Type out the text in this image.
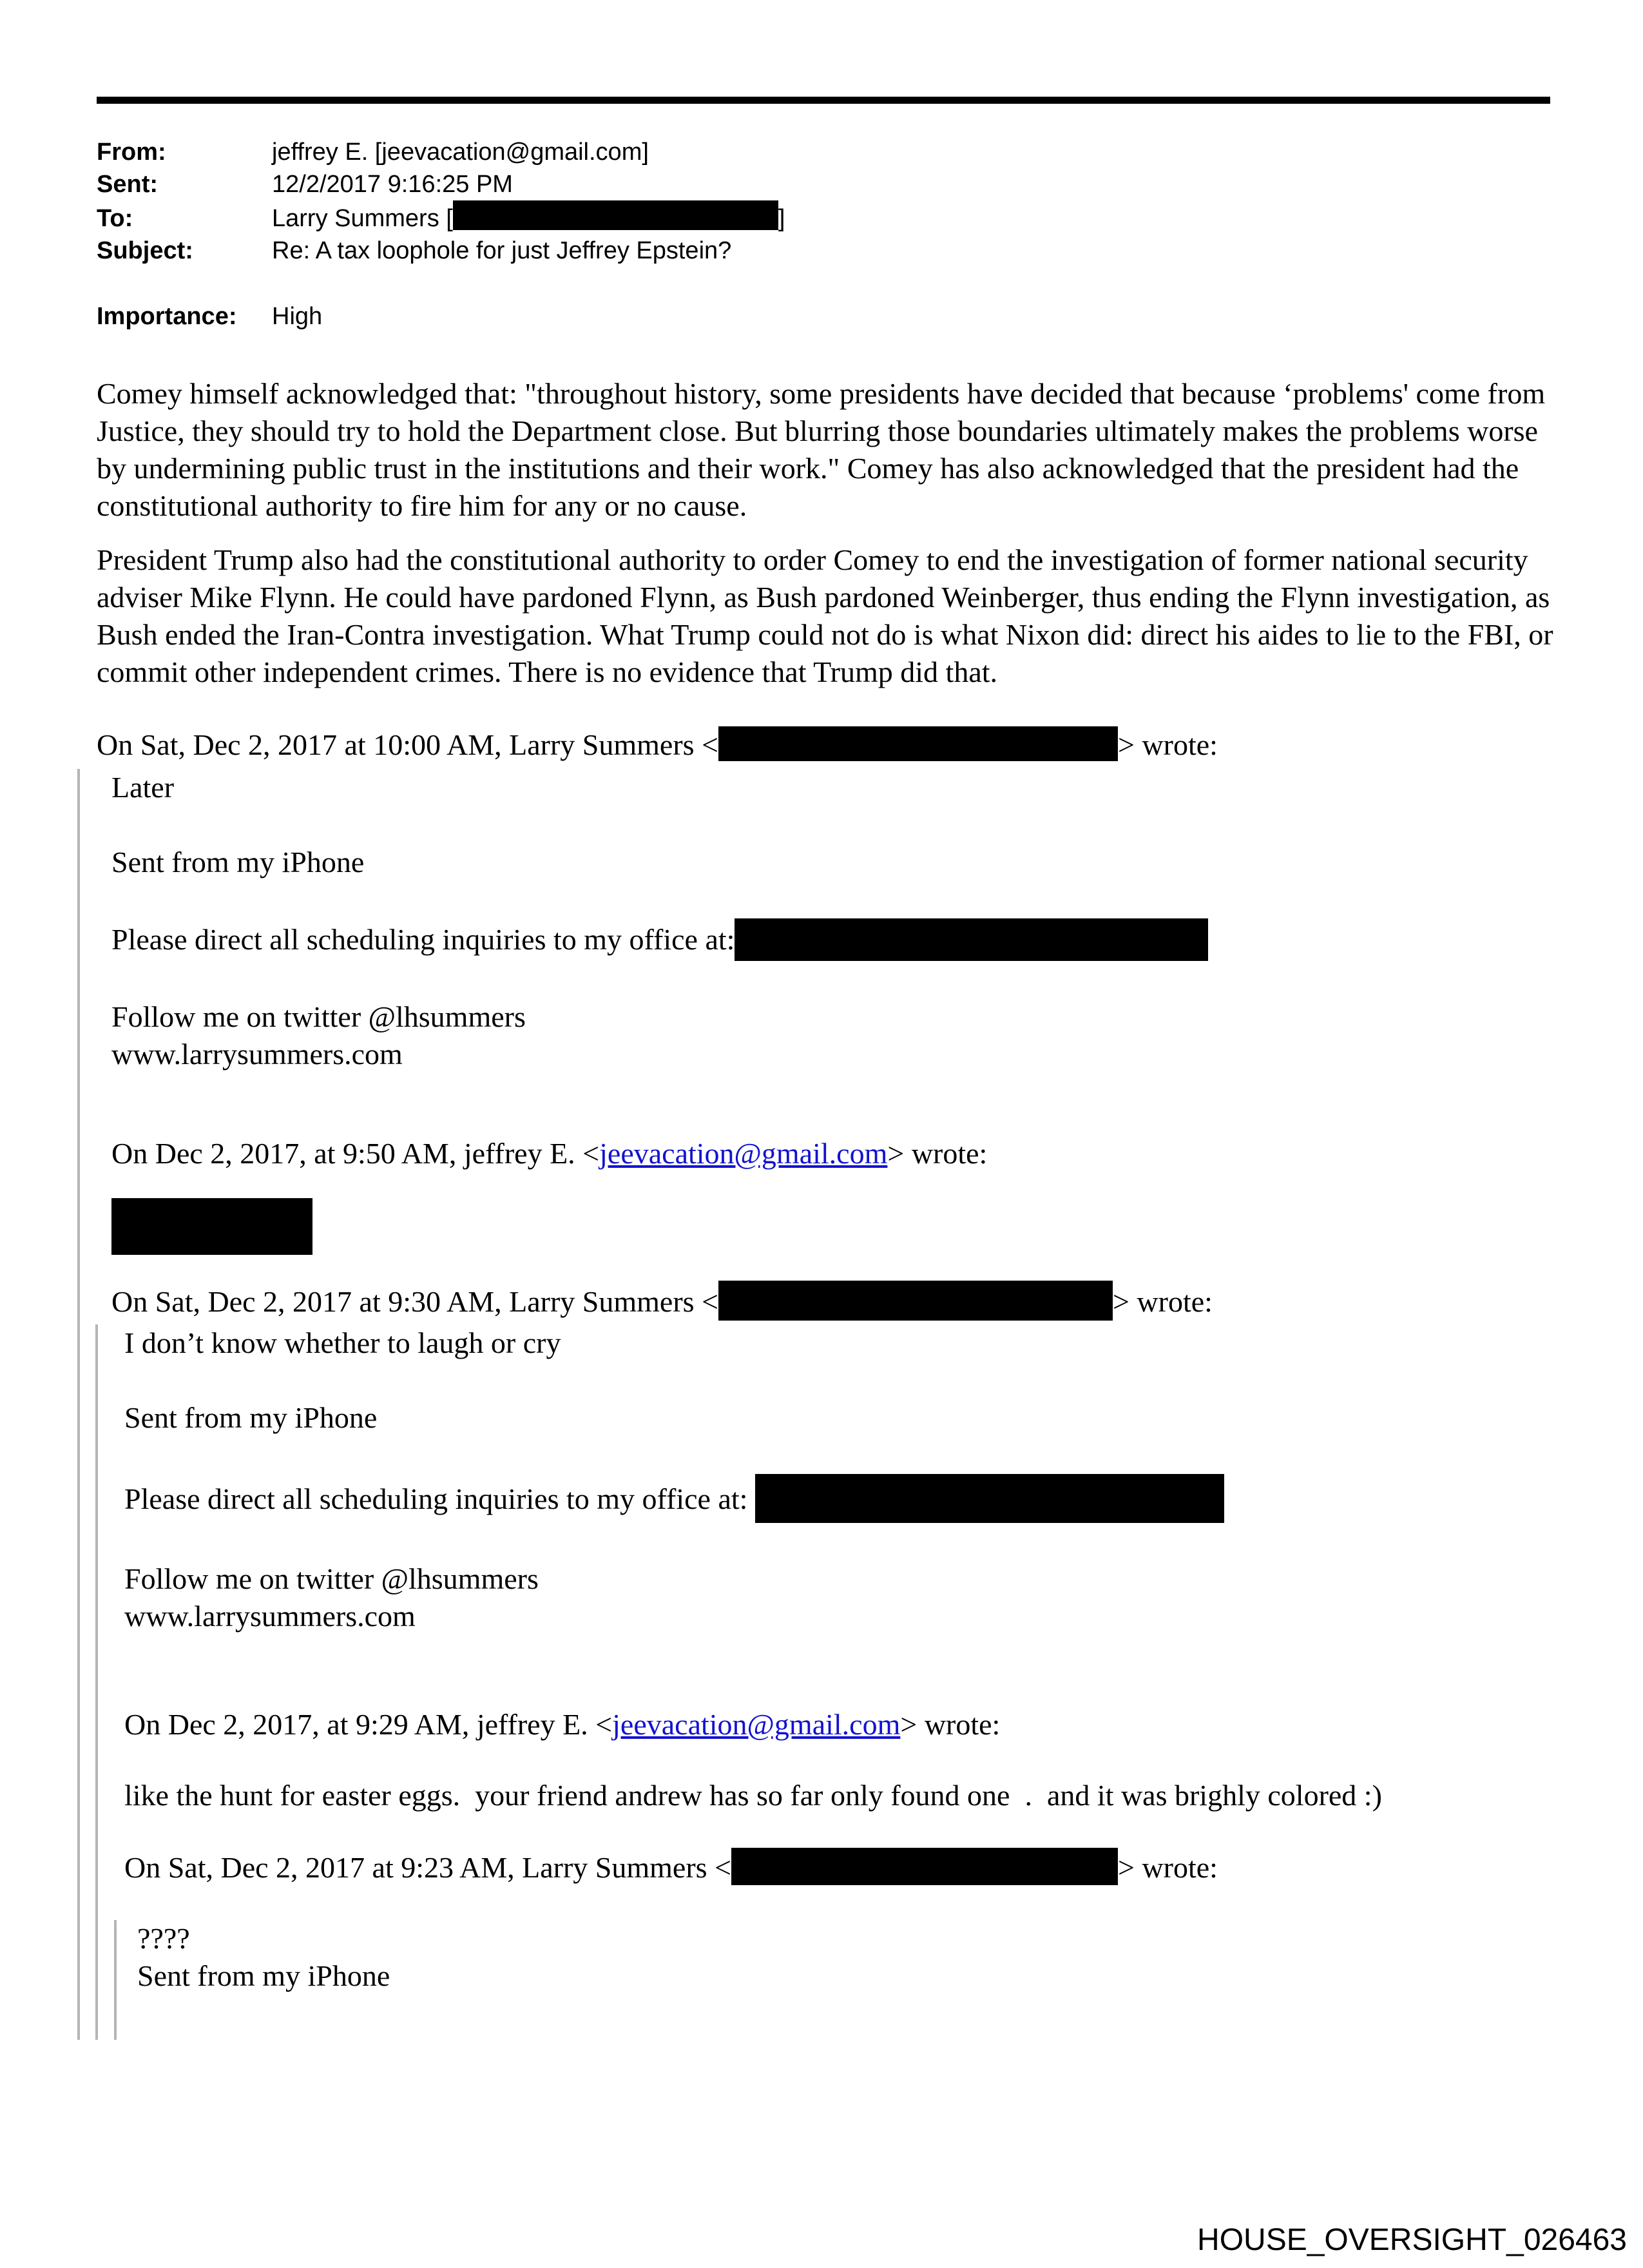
From:	jeffrey E. [jeevacation@gmail.com]
Sent:	12/2/2017 9:16:25 PM
To:	Larry Summers [	]
Subject:	Re: A tax loophole for just Jeffrey Epstein?
Importance: High

Comey himself acknowledged that: "throughout history, some presidents have decided that because ‘problems' come from Justice, they should try to hold the Department close. But blurring those boundaries ultimately makes the problems worse by undermining public trust in the institutions and their work." Comey has also acknowledged that the president had the constitutional authority to fire him for any or no cause.

President Trump also had the constitutional authority to order Comey to end the investigation of former national security adviser Mike Flynn. He could have pardoned Flynn, as Bush pardoned Weinberger, thus ending the Flynn investigation, as Bush ended the Iran-Contra investigation. What Trump could not do is what Nixon did: direct his aides to lie to the FBI, or commit other independent crimes. There is no evidence that Trump did that.

On Sat, Dec 2, 2017 at 10:00 AM, Larry Summers <	> wrote:

Later

Sent from my iPhone

Please direct all scheduling inquiries to my office at:

Follow me on twitter @lhsummers

www.larrysummers.com

On Dec 2, 2017, at 9:50 AM, jeffrey E. <jeevacation@gmail.com> wrote:

On Sat, Dec 2, 2017 at 9:30 AM, Larry Summers <	> wrote:

I don’t know whether to laugh or cry

Sent from my iPhone

Please direct all scheduling inquiries to my office at:

Follow me on twitter @lhsummers

www.larrysummers.com

On Dec 2, 2017, at 9:29 AM, jeffrey E. <jeevacation@gmail.com> wrote:

like the hunt for easter eggs.  your friend andrew has so far only found one  .  and it was brighly colored :)

On Sat, Dec 2, 2017 at 9:23 AM, Larry Summers <	> wrote:

????

Sent from my iPhone

HOUSE_OVERSIGHT_026463
